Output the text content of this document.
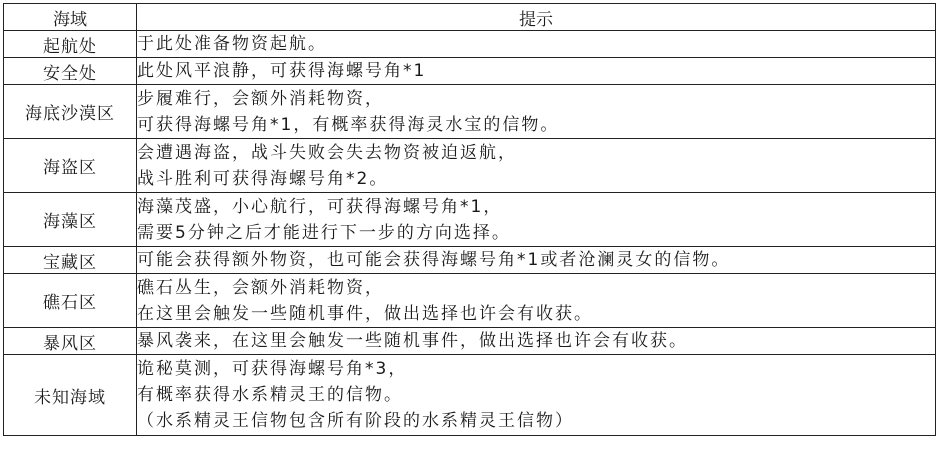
海域	提示
起航处	于此处准备物资起航。

安全处	此处风平浪静，可获得海螺号角*1

海底沙漠区	步履难行，会额外消耗物资，
可获得海螺号角*1，有概率获得海灵水宝的信物。

海盗区	会遭遇海盗，战斗失败会失去物资被迫返航，
战斗胜利可获得海螺号角*2。

海藻区	海藻茂盛，小心航行，可获得海螺号角*1，
需要5分钟之后才能进行下一步的方向选择。

宝藏区	可能会获得额外物资，也可能会获得海螺号角*1或者沧澜灵女的信物。

礁石区	礁石丛生，会额外消耗物资，
在这里会触发一些随机事件，做出选择也许会有收获。

暴风区	暴风袭来，在这里会触发一些随机事件，做出选择也许会有收获。

未知海域	诡秘莫测，可获得海螺号角*3，
有概率获得水系精灵王的信物。
（水系精灵王信物包含所有阶段的水系精灵王信物）
